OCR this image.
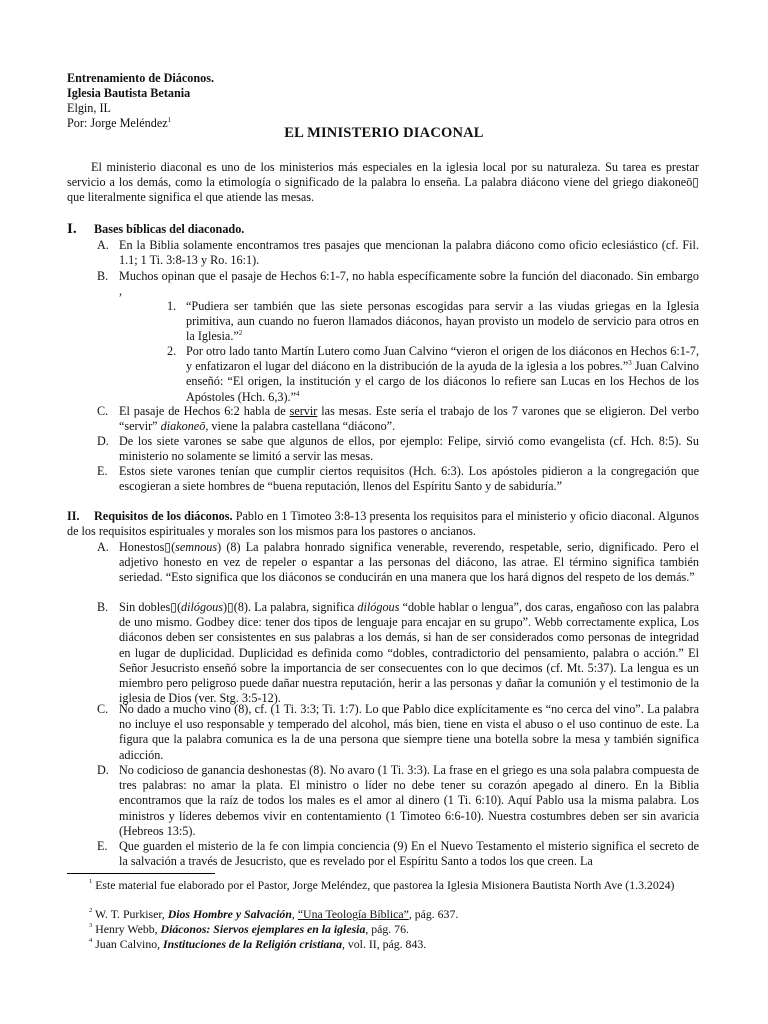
Entrenamiento de Diáconos.
Iglesia Bautista Betania
Elgin, IL
Por: Jorge Meléndez$^1$
EL MINISTERIO DIACONAL
El ministerio diaconal es uno de los ministerios más especiales en la iglesia local por su naturaleza. Su tarea es prestar servicio a los demás, como la etimología o significado de la palabra lo enseña. La palabra diácono viene del griego diakoneō▯ que literalmente significa el que atiende las mesas.
I. Bases bíblicas del diaconado.
A. En la Biblia solamente encontramos tres pasajes que mencionan la palabra diácono como oficio eclesiástico (cf. Fil. 1.1; 1 Ti. 3:8-13 y Ro. 16:1).
B. Muchos opinan que el pasaje de Hechos 6:1-7, no habla específicamente sobre la función del diaconado. Sin embargo ,
1. “Pudiera ser también que las siete personas escogidas para servir a las viudas griegas en la Iglesia primitiva, aun cuando no fueron llamados diáconos, hayan provisto un modelo de servicio para otros en la Iglesia.”$^2$
2. Por otro lado tanto Martín Lutero como Juan Calvino “vieron el origen de los diáconos en Hechos 6:1-7, y enfatizaron el lugar del diácono en la distribución de la ayuda de la iglesia a los pobres.”$^3$ Juan Calvino enseñó: “El origen, la institución y el cargo de los diáconos lo refiere san Lucas en los Hechos de los Apóstoles (Hch. 6,3).”$^4$
C. El pasaje de Hechos 6:2 habla de servir las mesas. Este sería el trabajo de los 7 varones que se eligieron. Del verbo “servir” diakoneō, viene la palabra castellana “diácono”.
D. De los siete varones se sabe que algunos de ellos, por ejemplo: Felipe, sirvió como evangelista (cf. Hch. 8:5). Su ministerio no solamente se limitó a servir las mesas.
E. Estos siete varones tenían que cumplir ciertos requisitos (Hch. 6:3). Los apóstoles pidieron a la congregación que escogieran a siete hombres de “buena reputación, llenos del Espíritu Santo y de sabiduría.”
II. Requisitos de los diáconos. Pablo en 1 Timoteo 3:8-13 presenta los requisitos para el ministerio y oficio diaconal. Algunos de los requisitos espirituales y morales son los mismos para los pastores o ancianos.
A. Honestos▯(semnous) (8) La palabra honrado significa venerable, reverendo, respetable, serio, dignificado. Pero el adjetivo honesto en vez de repeler o espantar a las personas del diácono, las atrae. El término significa también seriedad. “Esto significa que los diáconos se conducirán en una manera que los hará dignos del respeto de los demás.”
B. Sin dobles▯(dilógous)▯(8). La palabra, significa dilógous “doble hablar o lengua”, dos caras, engañoso con las palabra de uno mismo. Godbey dice: tener dos tipos de lenguaje para encajar en su grupo”. Webb correctamente explica, Los diáconos deben ser consistentes en sus palabras a los demás, si han de ser considerados como personas de integridad en lugar de duplicidad. Duplicidad es definida como “dobles, contradictorio del pensamiento, palabra o acción.” El Señor Jesucristo enseñó sobre la importancia de ser consecuentes con lo que decimos (cf. Mt. 5:37). La lengua es un miembro pero peligroso puede dañar nuestra reputación, herir a las personas y dañar la comunión y el testimonio de la iglesia de Dios (ver. Stg. 3:5-12).
C. No dado a mucho vino (8), cf. (1 Ti. 3:3; Ti. 1:7). Lo que Pablo dice explícitamente es “no cerca del vino”. La palabra no incluye el uso responsable y temperado del alcohol, más bien, tiene en vista el abuso o el uso continuo de este. La figura que la palabra comunica es la de una persona que siempre tiene una botella sobre la mesa y también significa adicción.
D. No codicioso de ganancia deshonestas (8). No avaro (1 Ti. 3:3). La frase en el griego es una sola palabra compuesta de tres palabras: no amar la plata. El ministro o líder no debe tener su corazón apegado al dinero. En la Biblia encontramos que la raíz de todos los males es el amor al dinero (1 Ti. 6:10). Aquí Pablo usa la misma palabra. Los ministros y líderes debemos vivir en contentamiento (1 Timoteo 6:6-10). Nuestra costumbres deben ser sin avaricia (Hebreos 13:5).
E. Que guarden el misterio de la fe con limpia conciencia (9) En el Nuevo Testamento el misterio significa el secreto de la salvación a través de Jesucristo, que es revelado por el Espíritu Santo a todos los que creen. La
$^1$ Este material fue elaborado por el Pastor, Jorge Meléndez, que pastorea la Iglesia Misionera Bautista North Ave (1.3.2024)
$^2$ W. T. Purkiser, Dios Hombre y Salvación, “Una Teología Bíblica”, pág. 637.
$^3$ Henry Webb, Diáconos: Siervos ejemplares en la iglesia, pág. 76.
$^4$ Juan Calvino, Instituciones de la Religión cristiana, vol. II, pág. 843.
